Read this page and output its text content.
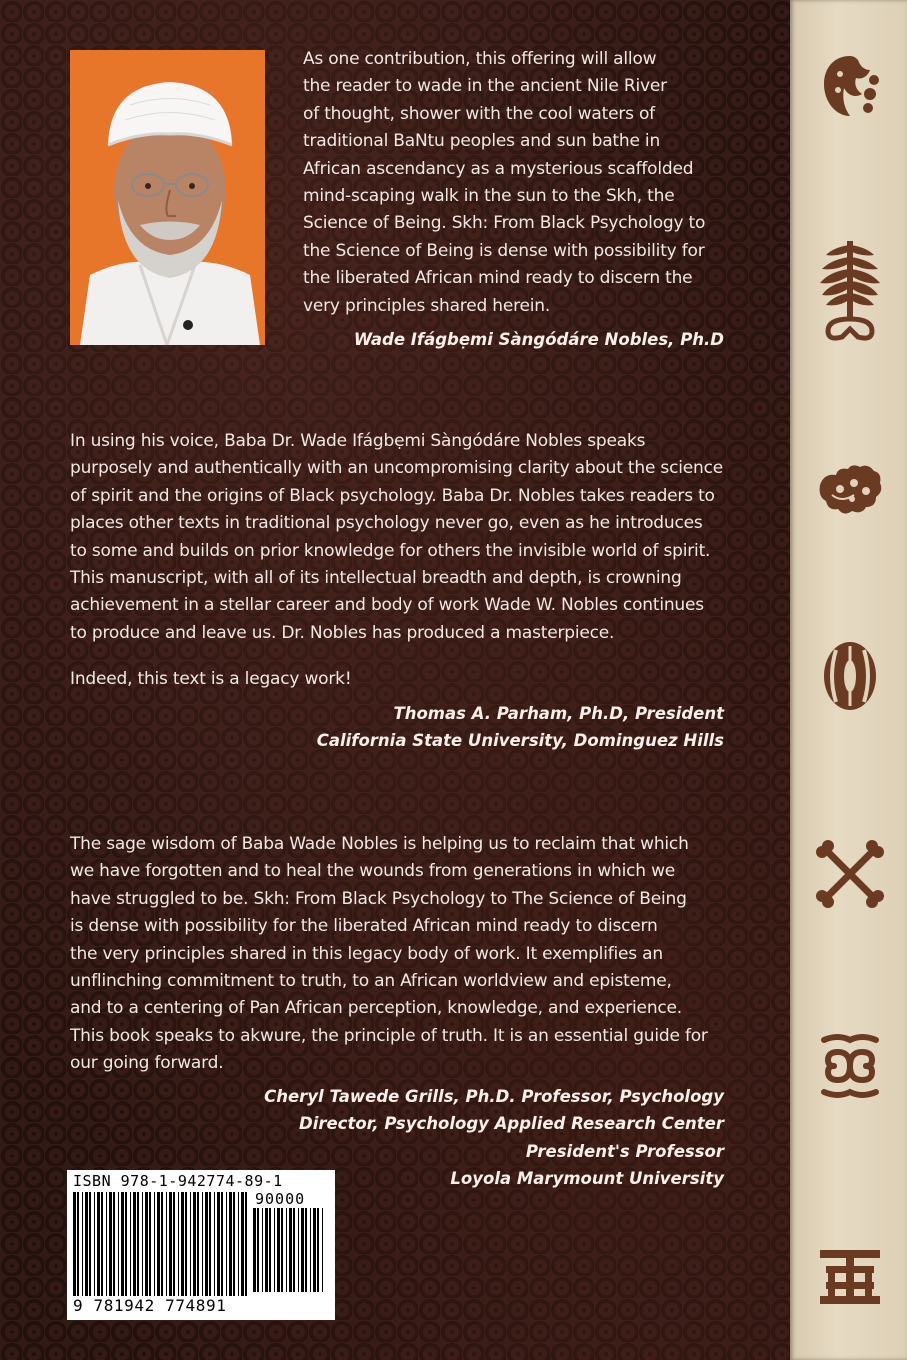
As one contribution, this offering will allow
the reader to wade in the ancient Nile River
of thought, shower with the cool waters of
traditional BaNtu peoples and sun bathe in
African ascendancy as a mysterious scaffolded
mind-scaping walk in the sun to the Skh, the
Science of Being. Skh: From Black Psychology to
the Science of Being is dense with possibility for
the liberated African mind ready to discern the
very principles shared herein.

Wade Ifágbẹmi Sàngódáre Nobles, Ph.D

In using his voice, Baba Dr. Wade Ifágbẹmi Sàngódáre Nobles speaks
purposely and authentically with an uncompromising clarity about the science
of spirit and the origins of Black psychology. Baba Dr. Nobles takes readers to
places other texts in traditional psychology never go, even as he introduces
to some and builds on prior knowledge for others the invisible world of spirit.
This manuscript, with all of its intellectual breadth and depth, is crowning
achievement in a stellar career and body of work Wade W. Nobles continues
to produce and leave us. Dr. Nobles has produced a masterpiece.

Indeed, this text is a legacy work!

Thomas A. Parham, Ph.D, President
California State University, Dominguez Hills

The sage wisdom of Baba Wade Nobles is helping us to reclaim that which
we have forgotten and to heal the wounds from generations in which we
have struggled to be. Skh: From Black Psychology to The Science of Being
is dense with possibility for the liberated African mind ready to discern
the very principles shared in this legacy body of work. It exemplifies an
unflinching commitment to truth, to an African worldview and episteme,
and to a centering of Pan African perception, knowledge, and experience.
This book speaks to akwure, the principle of truth. It is an essential guide for
our going forward.

Cheryl Tawede Grills, Ph.D. Professor, Psychology
Director, Psychology Applied Research Center
President's Professor
Loyola Marymount University
ISBN 978-1-942774-89-1
90000
9 781942 774891
